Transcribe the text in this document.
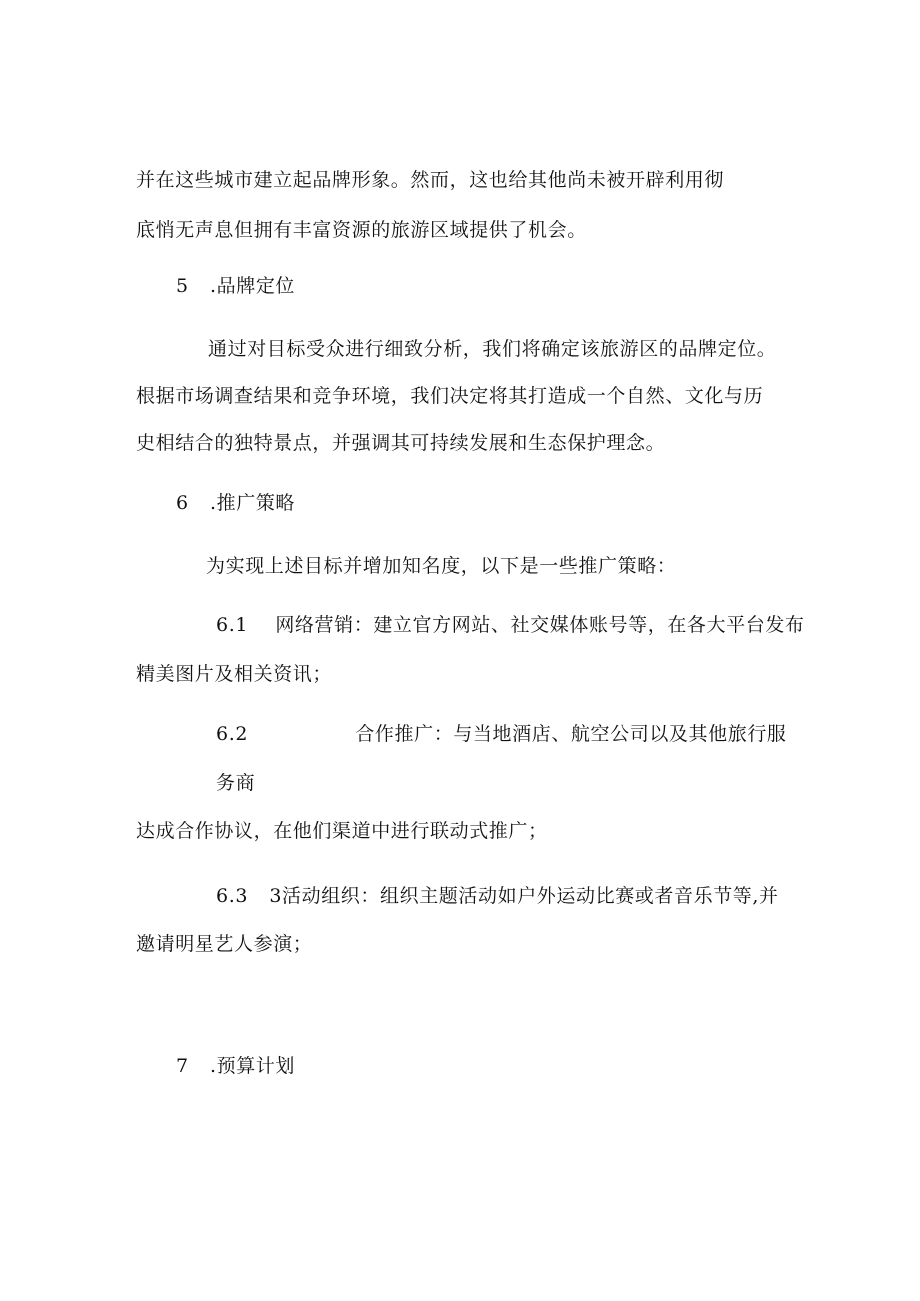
并在这些城市建立起品牌形象。然而，这也给其他尚未被开辟利用彻
底悄无声息但拥有丰富资源的旅游区域提供了机会。
5 .品牌定位
通过对目标受众进行细致分析，我们将确定该旅游区的品牌定位。
根据市场调查结果和竞争环境，我们决定将其打造成一个自然、文化与历
史相结合的独特景点，并强调其可持续发展和生态保护理念。
6 .推广策略
为实现上述目标并增加知名度，以下是一些推广策略：
6.1 网络营销：建立官方网站、社交媒体账号等，在各大平台发布
精美图片及相关资讯；
6.2	合作推广：与当地酒店、航空公司以及其他旅行服
务商
达成合作协议，在他们渠道中进行联动式推广；
6.3 3活动组织：组织主题活动如户外运动比赛或者音乐节等,并
邀请明星艺人参演；
7 .预算计划
